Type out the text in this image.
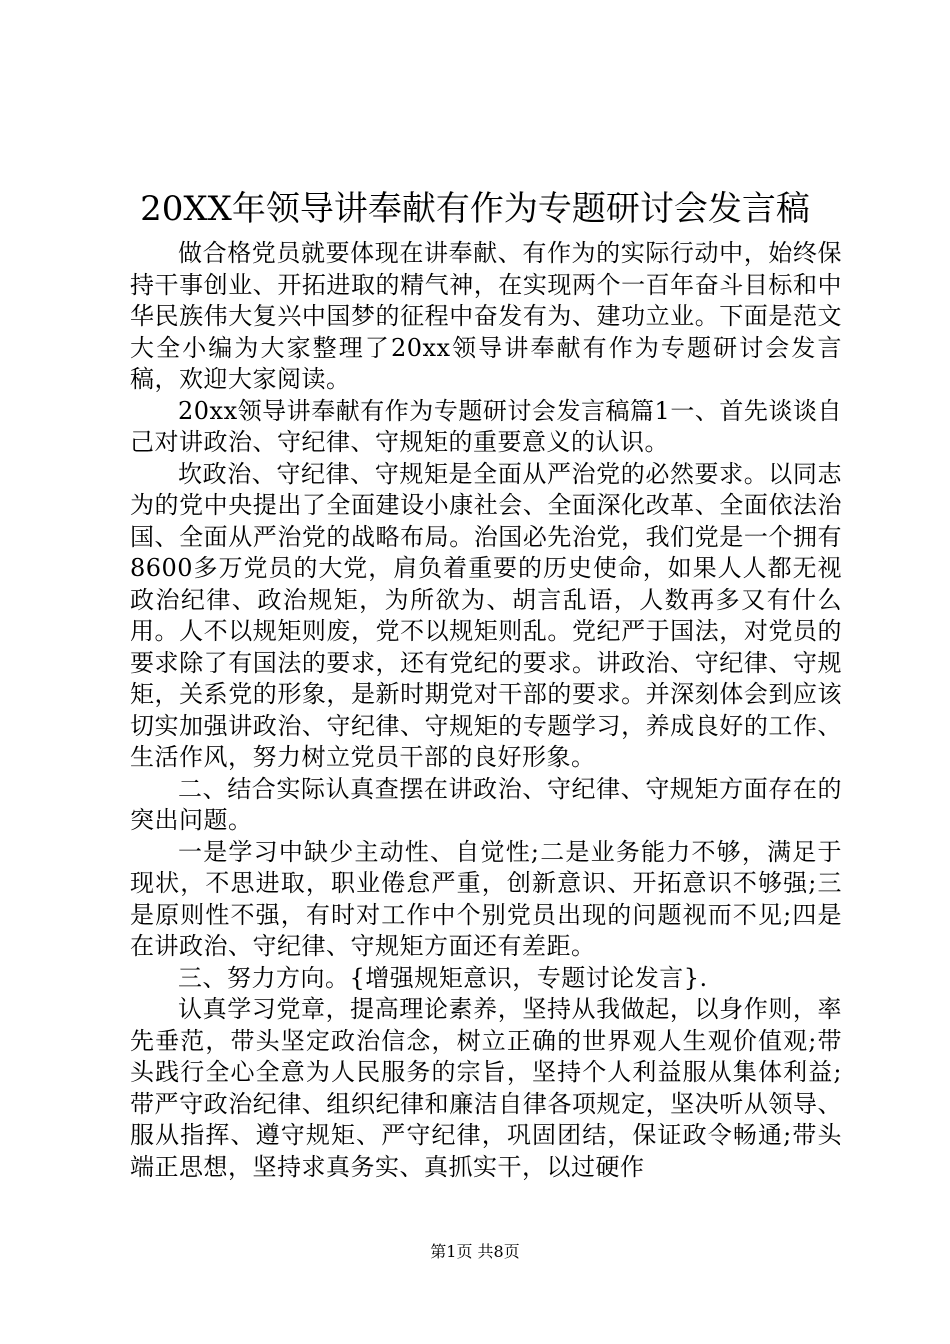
20XX年领导讲奉献有作为专题研讨会发言稿

做合格党员就要体现在讲奉献、有作为的实际行动中，始终保持干事创业、开拓进取的精气神，在实现两个一百年奋斗目标和中华民族伟大复兴中国梦的征程中奋发有为、建功立业。下面是范文大全小编为大家整理了20xx领导讲奉献有作为专题研讨会发言稿，欢迎大家阅读。

20xx领导讲奉献有作为专题研讨会发言稿篇1一、首先谈谈自己对讲政治、守纪律、守规矩的重要意义的认识。

坎政治、守纪律、守规矩是全面从严治党的必然要求。以同志为的党中央提出了全面建设小康社会、全面深化改革、全面依法治国、全面从严治党的战略布局。治国必先治党，我们党是一个拥有8600多万党员的大党，肩负着重要的历史使命，如果人人都无视政治纪律、政治规矩，为所欲为、胡言乱语，人数再多又有什么用。人不以规矩则废，党不以规矩则乱。党纪严于国法，对党员的要求除了有国法的要求，还有党纪的要求。讲政治、守纪律、守规矩，关系党的形象，是新时期党对干部的要求。并深刻体会到应该切实加强讲政治、守纪律、守规矩的专题学习，养成良好的工作、生活作风，努力树立党员干部的良好形象。

二、结合实际认真查摆在讲政治、守纪律、守规矩方面存在的突出问题。

一是学习中缺少主动性、自觉性;二是业务能力不够，满足于现状，不思进取，职业倦怠严重，创新意识、开拓意识不够强;三是原则性不强，有时对工作中个别党员出现的问题视而不见;四是在讲政治、守纪律、守规矩方面还有差距。

三、努力方向。{增强规矩意识，专题讨论发言}.

认真学习党章，提高理论素养，坚持从我做起，以身作则，率先垂范，带头坚定政治信念，树立正确的世界观人生观价值观;带头践行全心全意为人民服务的宗旨，坚持个人利益服从集体利益;带严守政治纪律、组织纪律和廉洁自律各项规定，坚决听从领导、服从指挥、遵守规矩、严守纪律，巩固团结，保证政令畅通;带头端正思想，坚持求真务实、真抓实干，以过硬作

第1页 共8页
